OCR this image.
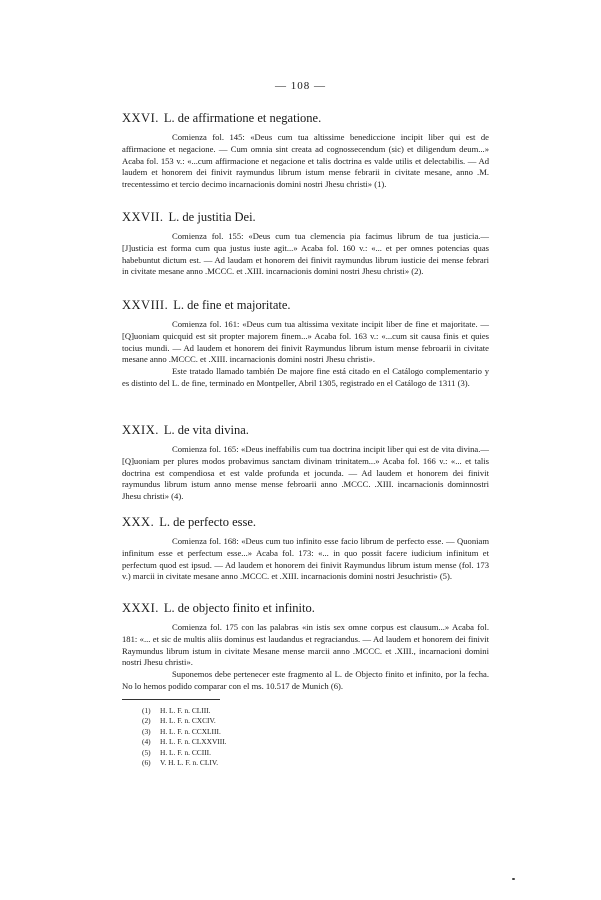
— 108 —
XXVI. L. de affirmatione et negatione.

Comienza fol. 145: «Deus cum tua altissime benediccione incipit liber qui est de affirmacione et negacione. — Cum omnia sint creata ad cognossecendum (sic) et diligendum deum...» Acaba fol. 153 v.: «...cum affirmacione et negacione et talis doctrina es valde utilis et delectabilis. — Ad laudem et honorem dei finivit raymundus librum istum mense febrarii in civitate mesane, anno .M. trecentessimo et tercio decimo incarnacionis domini nostri Jhesu christi» (1).

XXVII. L. de justitia Dei.

Comienza fol. 155: «Deus cum tua clemencia pia facimus librum de tua justicia.— [J]usticia est forma cum qua justus iuste agit...» Acaba fol. 160 v.: «... et per omnes potencias quas habebuntut dictum est. — Ad laudam et honorem dei finivit raymundus librum iusticie dei mense febrari in civitate mesane anno .MCCC. et .XIII. incarnacionis domini nostri Jhesu christi» (2).

XXVIII. L. de fine et majoritate.

Comienza fol. 161: «Deus cum tua altissima vexitate incipit liber de fine et majoritate. —[Q]uoniam quicquid est sit propter majorem finem...» Acaba fol. 163 v.: «...cum sit causa finis et quies tocius mundi. — Ad laudem et honorem dei finivit Raymundus librum istum mense febroarii in civitate mesane anno .MCCC. et .XIII. incarnacionis domini nostri Jhesu christi».

Este tratado llamado también De majore fine está citado en el Catálogo complementario y es distinto del L. de fine, terminado en Montpeller, Abril 1305, registrado en el Catálogo de 1311 (3).

XXIX. L. de vita divina.

Comienza fol. 165: «Deus ineffabilis cum tua doctrina incipit liber qui est de vita divina.— [Q]uoniam per plures modos probavimus sanctam divinam trinitatem...» Acaba fol. 166 v.: «... et talis doctrina est compendiosa et est valde profunda et jocunda. — Ad laudem et honorem dei finivit raymundus librum istum anno mense mense febroarii anno .MCCC. .XIII. incarnacionis dominnostri Jhesu christi» (4).

XXX. L. de perfecto esse.

Comienza fol. 168: «Deus cum tuo infinito esse facio librum de perfecto esse. — Quoniam infinitum esse et perfectum esse...» Acaba fol. 173: «... in quo possit facere iudicium infinitum et perfectum quod est ipsud. — Ad laudem et honorem dei finivit Raymundus librum istum mense (fol. 173 v.) marcii in civitate mesane anno .MCCC. et .XIII. incarnacionis domini nostri Jesuchristi» (5).

XXXI. L. de objecto finito et infinito.

Comienza fol. 175 con las palabras «in istis sex omne corpus est clausum...» Acaba fol. 181: «... et sic de multis aliis dominus est laudandus et regraciandus. — Ad laudem et honorem dei finivit Raymundus librum istum in civitate Mesane mense marcii anno .MCCC. et .XIII., incarnacioni domini nostri Jhesu christi».

Suponemos debe pertenecer este fragmento al L. de Objecto finito et infinito, por la fecha. No lo hemos podido comparar con el ms. 10.517 de Munich (6).

(1) H. L. F. n. CLIII.
(2) H. L. F. n. CXCIV.
(3) H. L. F. n. CCXLIII.
(4) H. L. F. n. CLXXVIII.
(5) H. L. F. n. CCIII.
(6) V. H. L. F. n. CLIV.
